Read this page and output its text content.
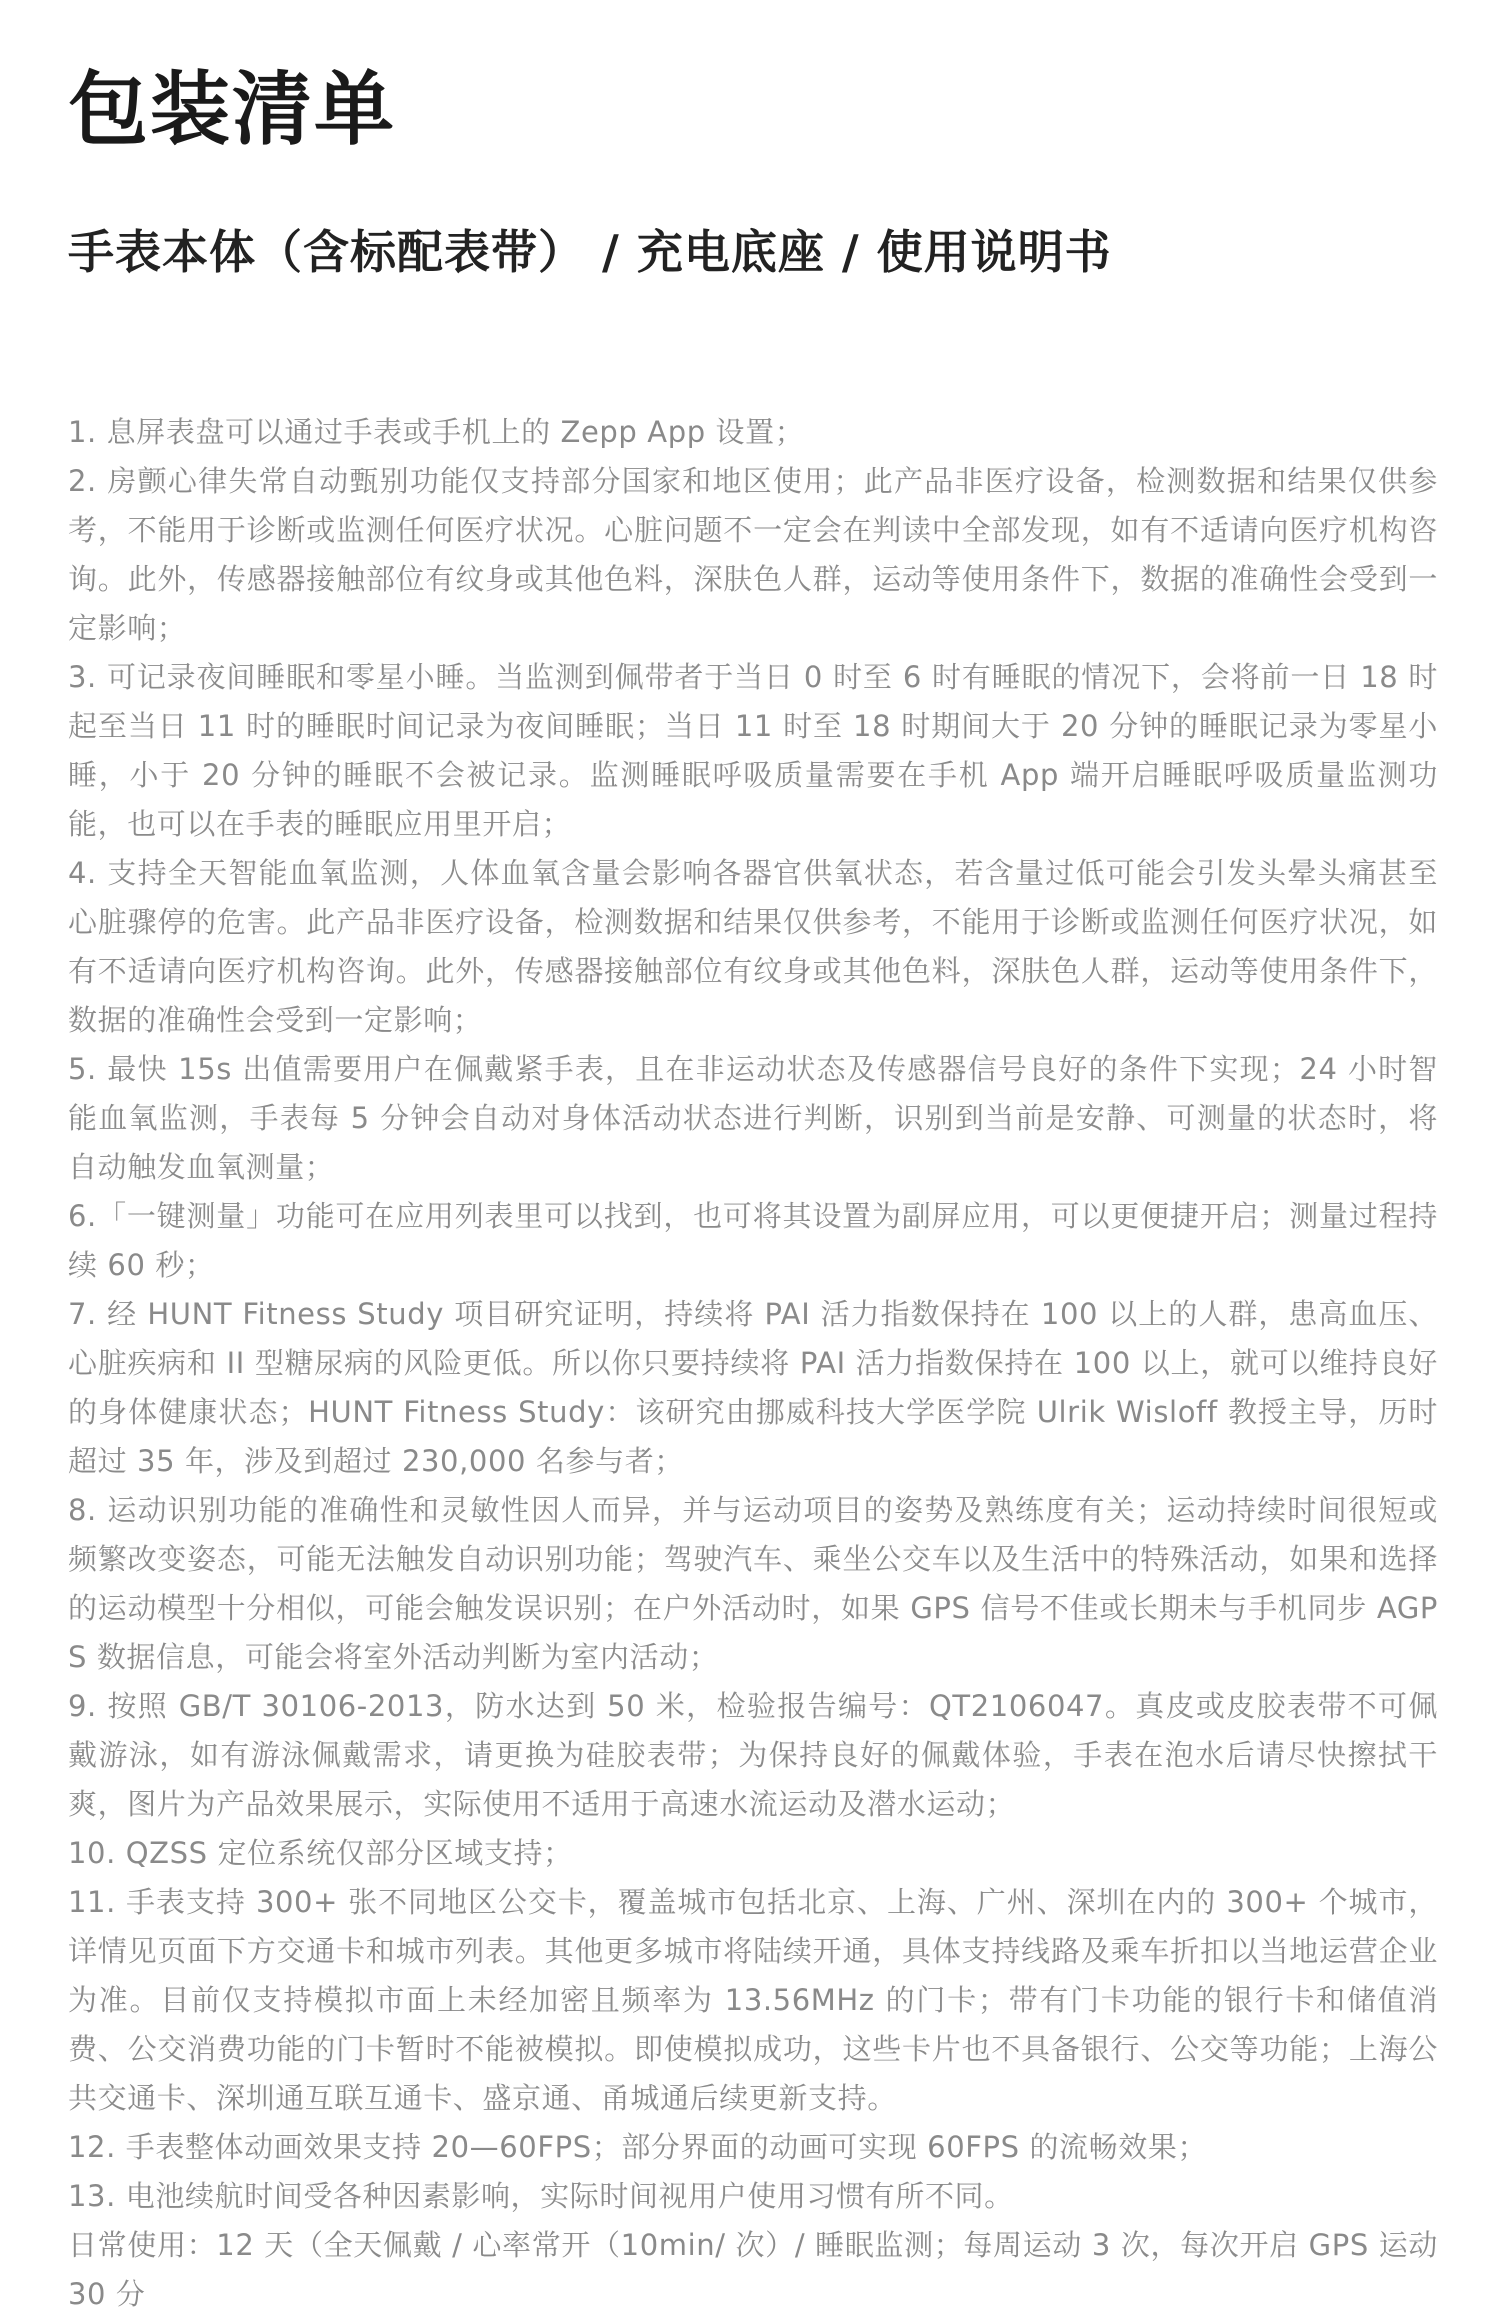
包装清单
手表本体（含标配表带） / 充电底座 / 使用说明书

1. 息屏表盘可以通过手表或手机上的 Zepp App 设置；

2. 房颤心律失常自动甄别功能仅支持部分国家和地区使用；此产品非医疗设备，检测数据和结果仅供参考，不能用于诊断或监测任何医疗状况。心脏问题不一定会在判读中全部发现，如有不适请向医疗机构咨询。此外，传感器接触部位有纹身或其他色料，深肤色人群，运动等使用条件下，数据的准确性会受到一定影响；

3. 可记录夜间睡眠和零星小睡。当监测到佩带者于当日 0 时至 6 时有睡眠的情况下，会将前一日 18 时起至当日 11 时的睡眠时间记录为夜间睡眠；当日 11 时至 18 时期间大于 20 分钟的睡眠记录为零星小睡，小于 20 分钟的睡眠不会被记录。监测睡眠呼吸质量需要在手机 App 端开启睡眠呼吸质量监测功能，也可以在手表的睡眠应用里开启；

4. 支持全天智能血氧监测，人体血氧含量会影响各器官供氧状态，若含量过低可能会引发头晕头痛甚至心脏骤停的危害。此产品非医疗设备，检测数据和结果仅供参考，不能用于诊断或监测任何医疗状况，如有不适请向医疗机构咨询。此外，传感器接触部位有纹身或其他色料，深肤色人群，运动等使用条件下，数据的准确性会受到一定影响；

5. 最快 15s 出值需要用户在佩戴紧手表，且在非运动状态及传感器信号良好的条件下实现；24 小时智能血氧监测，手表每 5 分钟会自动对身体活动状态进行判断，识别到当前是安静、可测量的状态时，将自动触发血氧测量；

6.「一键测量」功能可在应用列表里可以找到，也可将其设置为副屏应用，可以更便捷开启；测量过程持续 60 秒；

7. 经 HUNT Fitness Study 项目研究证明，持续将 PAI 活力指数保持在 100 以上的人群，患高血压、心脏疾病和 II 型糖尿病的风险更低。所以你只要持续将 PAI 活力指数保持在 100 以上，就可以维持良好的身体健康状态；HUNT Fitness Study：该研究由挪威科技大学医学院 Ulrik Wisloff 教授主导，历时超过 35 年，涉及到超过 230,000 名参与者；

8. 运动识别功能的准确性和灵敏性因人而异，并与运动项目的姿势及熟练度有关；运动持续时间很短或频繁改变姿态，可能无法触发自动识别功能；驾驶汽车、乘坐公交车以及生活中的特殊活动，如果和选择的运动模型十分相似，可能会触发误识别；在户外活动时，如果 GPS 信号不佳或长期未与手机同步 AGPS 数据信息，可能会将室外活动判断为室内活动；

9. 按照 GB/T 30106-2013，防水达到 50 米，检验报告编号：QT2106047。真皮或皮胶表带不可佩戴游泳，如有游泳佩戴需求，请更换为硅胶表带；为保持良好的佩戴体验，手表在泡水后请尽快擦拭干爽，图片为产品效果展示，实际使用不适用于高速水流运动及潜水运动；

10. QZSS 定位系统仅部分区域支持；

11. 手表支持 300+ 张不同地区公交卡，覆盖城市包括北京、上海、广州、深圳在内的 300+ 个城市，详情见页面下方交通卡和城市列表。其他更多城市将陆续开通，具体支持线路及乘车折扣以当地运营企业为准。目前仅支持模拟市面上未经加密且频率为 13.56MHz 的门卡；带有门卡功能的银行卡和储值消费、公交消费功能的门卡暂时不能被模拟。即使模拟成功，这些卡片也不具备银行、公交等功能；上海公共交通卡、深圳通互联互通卡、盛京通、甬城通后续更新支持。

12. 手表整体动画效果支持 20—60FPS；部分界面的动画可实现 60FPS 的流畅效果；

13. 电池续航时间受各种因素影响，实际时间视用户使用习惯有所不同。

日常使用：12 天（全天佩戴 / 心率常开（10min/ 次）/ 睡眠监测；每周运动 3 次，每次开启 GPS 运动 30 分
